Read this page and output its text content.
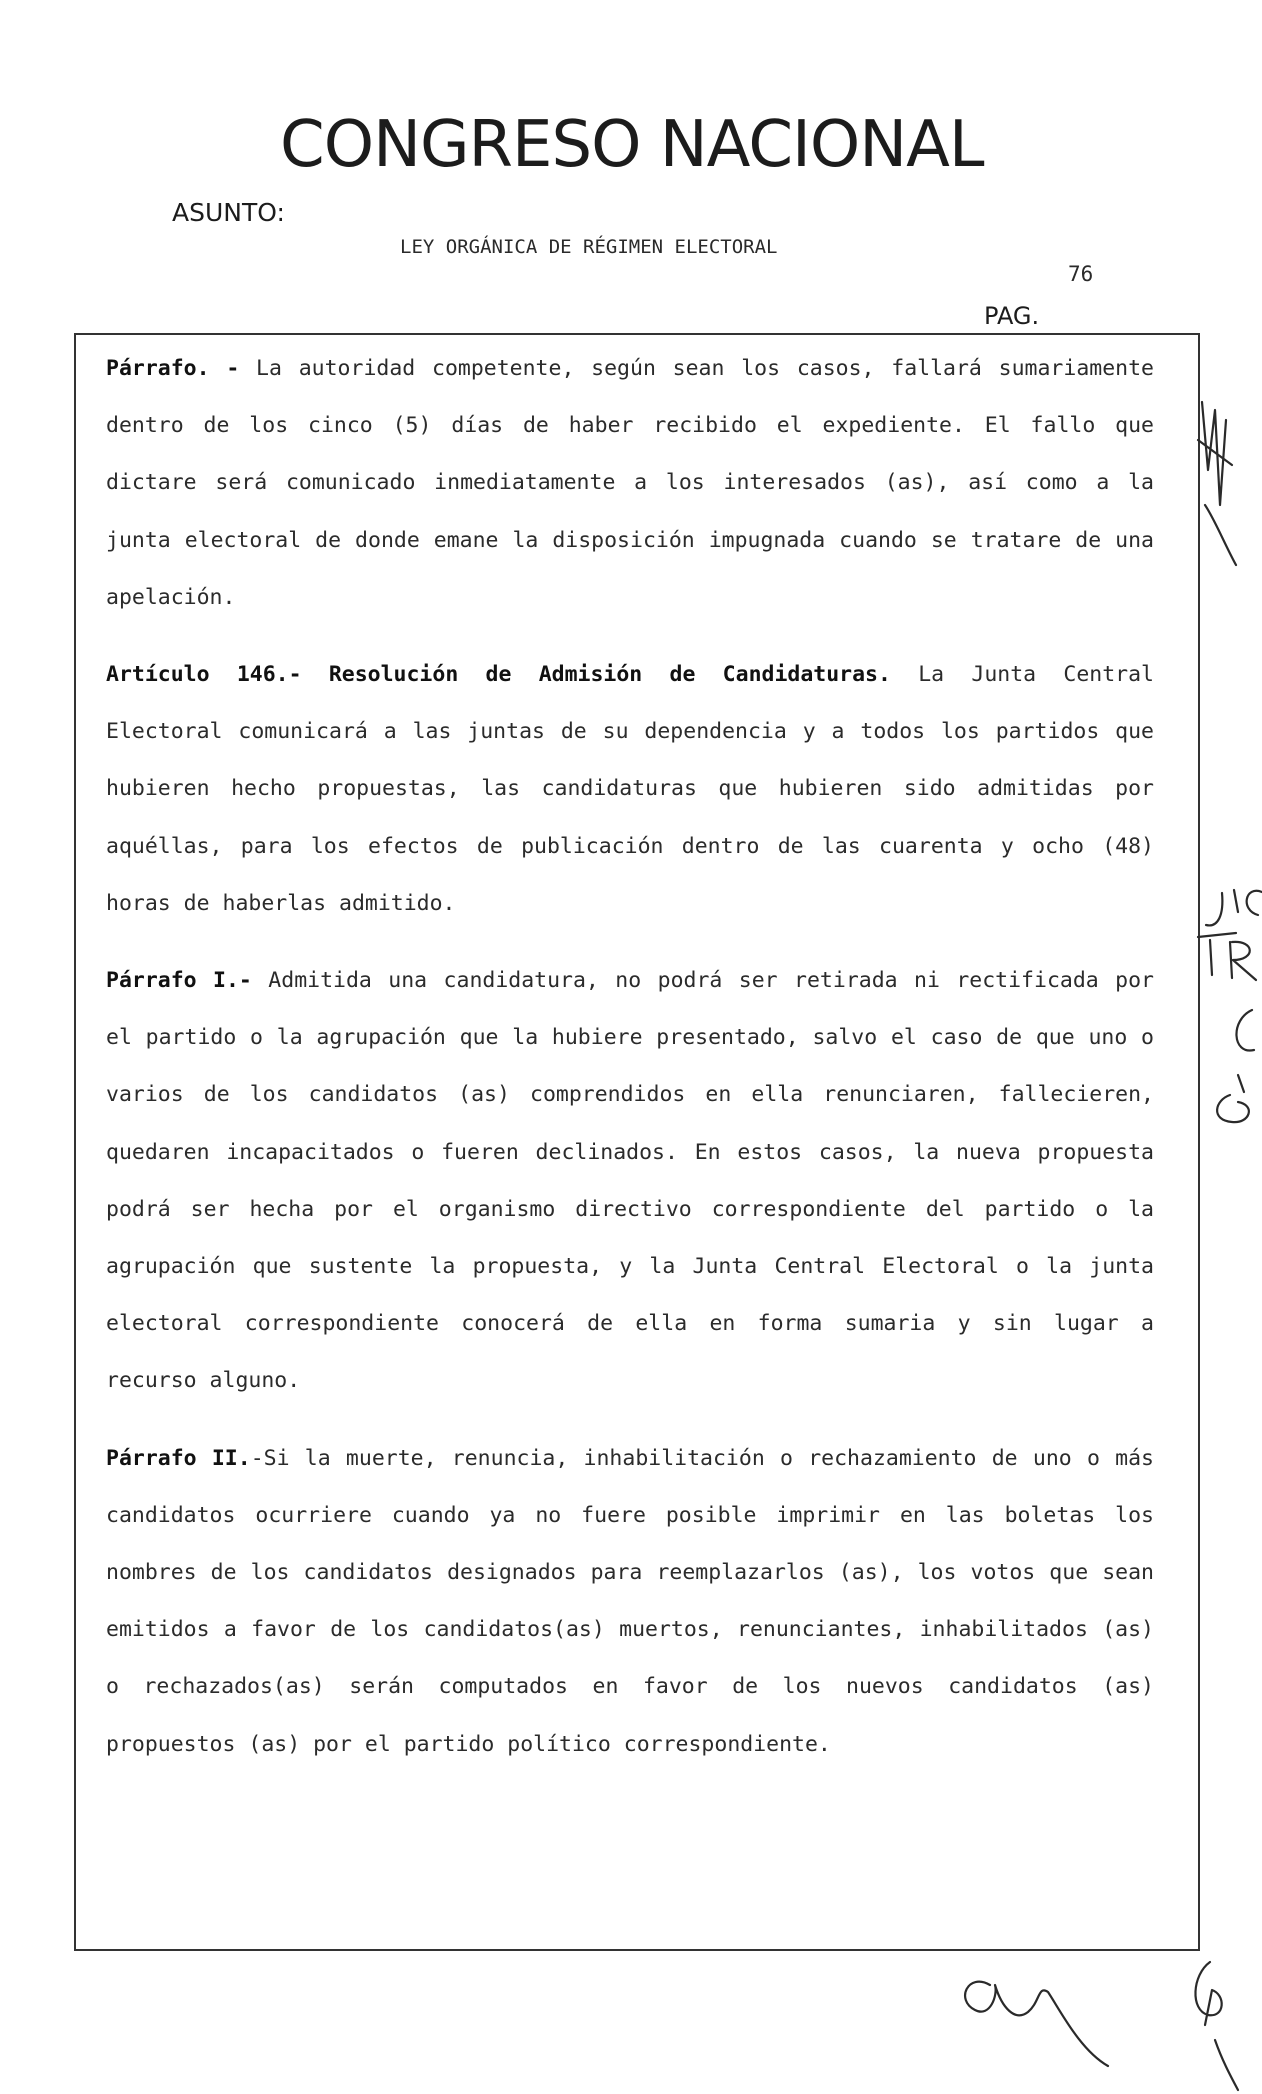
CONGRESO NACIONAL
ASUNTO:
LEY ORGÁNICA DE RÉGIMEN ELECTORAL
76
PAG.

Párrafo. - La autoridad competente, según sean los casos, fallará sumariamente dentro de los cinco (5) días de haber recibido el expediente. El fallo que dictare será comunicado inmediatamente a los interesados (as), así como a la junta electoral de donde emane la disposición impugnada cuando se tratare de una apelación.

Artículo 146.- Resolución de Admisión de Candidaturas. La Junta Central Electoral comunicará a las juntas de su dependencia y a todos los partidos que hubieren hecho propuestas, las candidaturas que hubieren sido admitidas por aquéllas, para los efectos de publicación dentro de las cuarenta y ocho (48) horas de haberlas admitido.

Párrafo I.- Admitida una candidatura, no podrá ser retirada ni rectificada por el partido o la agrupación que la hubiere presentado, salvo el caso de que uno o varios de los candidatos (as) comprendidos en ella renunciaren, fallecieren, quedaren incapacitados o fueren declinados. En estos casos, la nueva propuesta podrá ser hecha por el organismo directivo correspondiente del partido o la agrupación que sustente la propuesta, y la Junta Central Electoral o la junta electoral correspondiente conocerá de ella en forma sumaria y sin lugar a recurso alguno.

Párrafo II.-Si la muerte, renuncia, inhabilitación o rechazamiento de uno o más candidatos ocurriere cuando ya no fuere posible imprimir en las boletas los nombres de los candidatos designados para reemplazarlos (as), los votos que sean emitidos a favor de los candidatos(as) muertos, renunciantes, inhabilitados (as) o rechazados(as) serán computados en favor de los nuevos candidatos (as) propuestos (as) por el partido político correspondiente.
